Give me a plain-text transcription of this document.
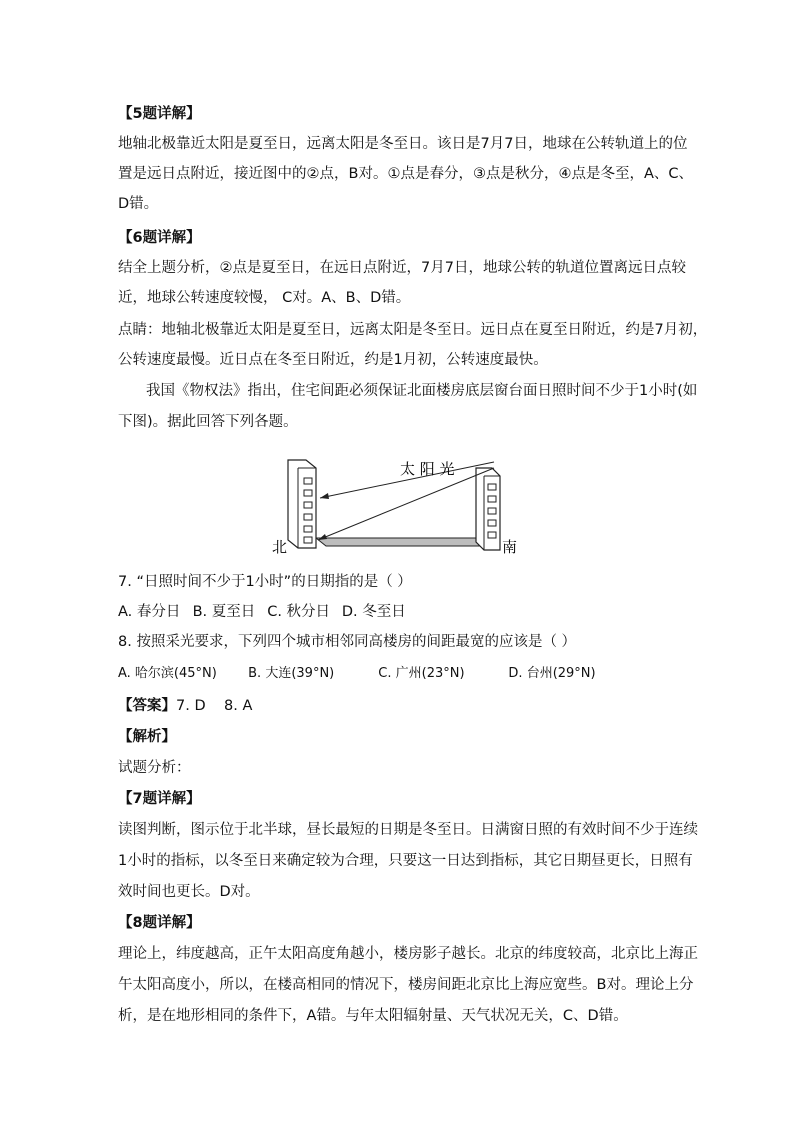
【5题详解】
地轴北极靠近太阳是夏至日，远离太阳是冬至日。该日是7月7日，地球在公转轨道上的位
置是远日点附近，接近图中的②点，B对。①点是春分，③点是秋分，④点是冬至，A、C、
D错。
【6题详解】
结全上题分析，②点是夏至日，在远日点附近，7月7日，地球公转的轨道位置离远日点较
近，地球公转速度较慢， C对。A、B、D错。
点睛：地轴北极靠近太阳是夏至日，远离太阳是冬至日。远日点在夏至日附近，约是7月初，
公转速度最慢。近日点在冬至日附近，约是1月初，公转速度最快。
我国《物权法》指出，住宅间距必须保证北面楼房底层窗台面日照时间不少于1小时(如
下图)。据此回答下列各题。
太 阳 光
北	南
7. “日照时间不少于1小时”的日期指的是（ ）
A. 春分日 B. 夏至日 C. 秋分日 D. 冬至日
8. 按照采光要求，下列四个城市相邻同高楼房的间距最宽的应该是（ ）
A. 哈尔滨(45°N) B. 大连(39°N)	C. 广州(23°N)	D. 台州(29°N)
【答案】7. D    8. A
【解析】
试题分析：
【7题详解】
读图判断，图示位于北半球，昼长最短的日期是冬至日。日满窗日照的有效时间不少于连续
1小时的指标，以冬至日来确定较为合理，只要这一日达到指标，其它日期昼更长，日照有
效时间也更长。D对。
【8题详解】
理论上，纬度越高，正午太阳高度角越小，楼房影子越长。北京的纬度较高，北京比上海正
午太阳高度小，所以，在楼高相同的情况下，楼房间距北京比上海应宽些。B对。理论上分
析，是在地形相同的条件下，A错。与年太阳辐射量、天气状况无关，C、D错。
